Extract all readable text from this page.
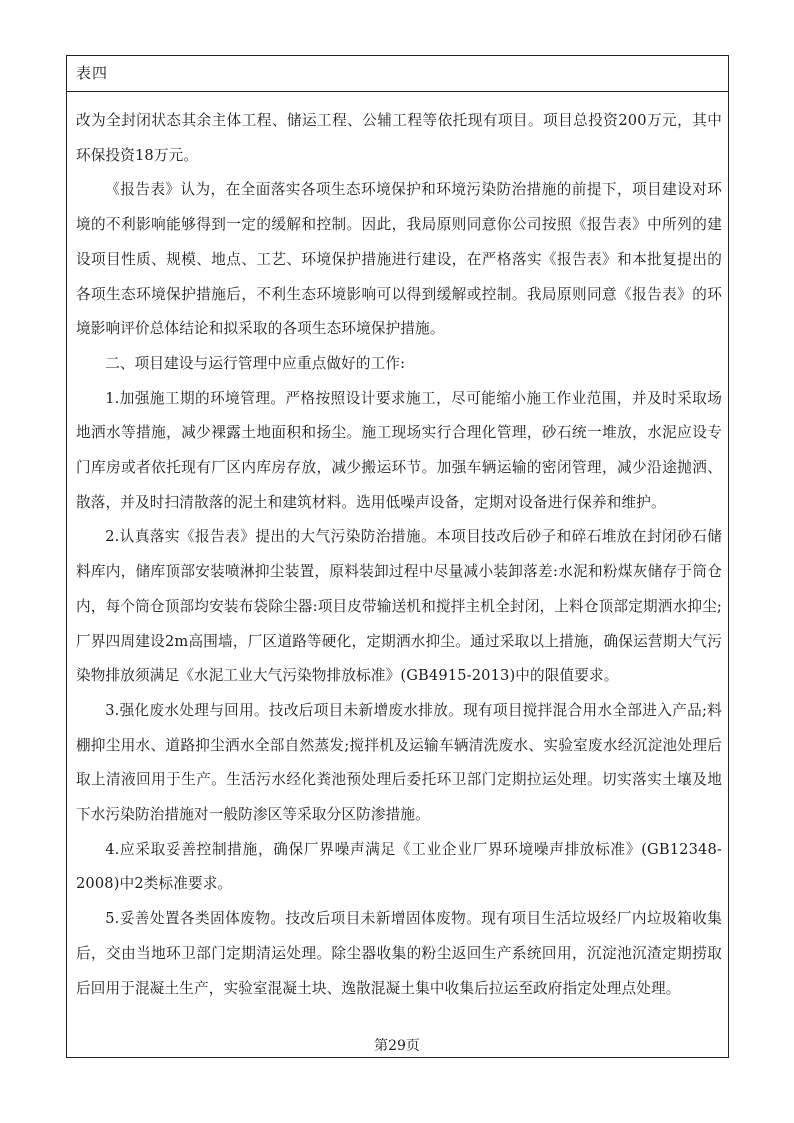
表四

改为全封闭状态其余主体工程、储运工程、公辅工程等依托现有项目。项目总投资200万元，其中环保投资18万元。

《报告表》认为，在全面落实各项生态环境保护和环境污染防治措施的前提下，项目建设对环境的不利影响能够得到一定的缓解和控制。因此，我局原则同意你公司按照《报告表》中所列的建设项目性质、规模、地点、工艺、环境保护措施进行建设，在严格落实《报告表》和本批复提出的各项生态环境保护措施后，不利生态环境影响可以得到缓解或控制。我局原则同意《报告表》的环境影响评价总体结论和拟采取的各项生态环境保护措施。

二、项目建设与运行管理中应重点做好的工作:

1.加强施工期的环境管理。严格按照设计要求施工，尽可能缩小施工作业范围，并及时采取场地洒水等措施，减少裸露土地面积和扬尘。施工现场实行合理化管理，砂石统一堆放，水泥应设专门库房或者依托现有厂区内库房存放，减少搬运环节。加强车辆运输的密闭管理，减少沿途抛洒、散落，并及时扫清散落的泥土和建筑材料。选用低噪声设备，定期对设备进行保养和维护。

2.认真落实《报告表》提出的大气污染防治措施。本项目技改后砂子和碎石堆放在封闭砂石储料库内，储库顶部安装喷淋抑尘装置，原料装卸过程中尽量减小装卸落差:水泥和粉煤灰储存于筒仓内，每个筒仓顶部均安装布袋除尘器:项目皮带输送机和搅拌主机全封闭，上料仓顶部定期洒水抑尘;厂界四周建设2m高围墙，厂区道路等硬化，定期洒水抑尘。通过采取以上措施，确保运营期大气污染物排放须满足《水泥工业大气污染物排放标准》(GB4915-2013)中的限值要求。

3.强化废水处理与回用。技改后项目未新增废水排放。现有项目搅拌混合用水全部进入产品;料棚抑尘用水、道路抑尘洒水全部自然蒸发;搅拌机及运输车辆清洗废水、实验室废水经沉淀池处理后取上清液回用于生产。生活污水经化粪池预处理后委托环卫部门定期拉运处理。切实落实土壤及地下水污染防治措施对一般防渗区等采取分区防渗措施。

4.应采取妥善控制措施，确保厂界噪声满足《工业企业厂界环境噪声排放标准》(GB12348-2008)中2类标准要求。

5.妥善处置各类固体废物。技改后项目未新增固体废物。现有项目生活垃圾经厂内垃圾箱收集后，交由当地环卫部门定期清运处理。除尘器收集的粉尘返回生产系统回用，沉淀池沉渣定期捞取后回用于混凝土生产，实验室混凝土块、逸散混凝土集中收集后拉运至政府指定处理点处理。

第29页
